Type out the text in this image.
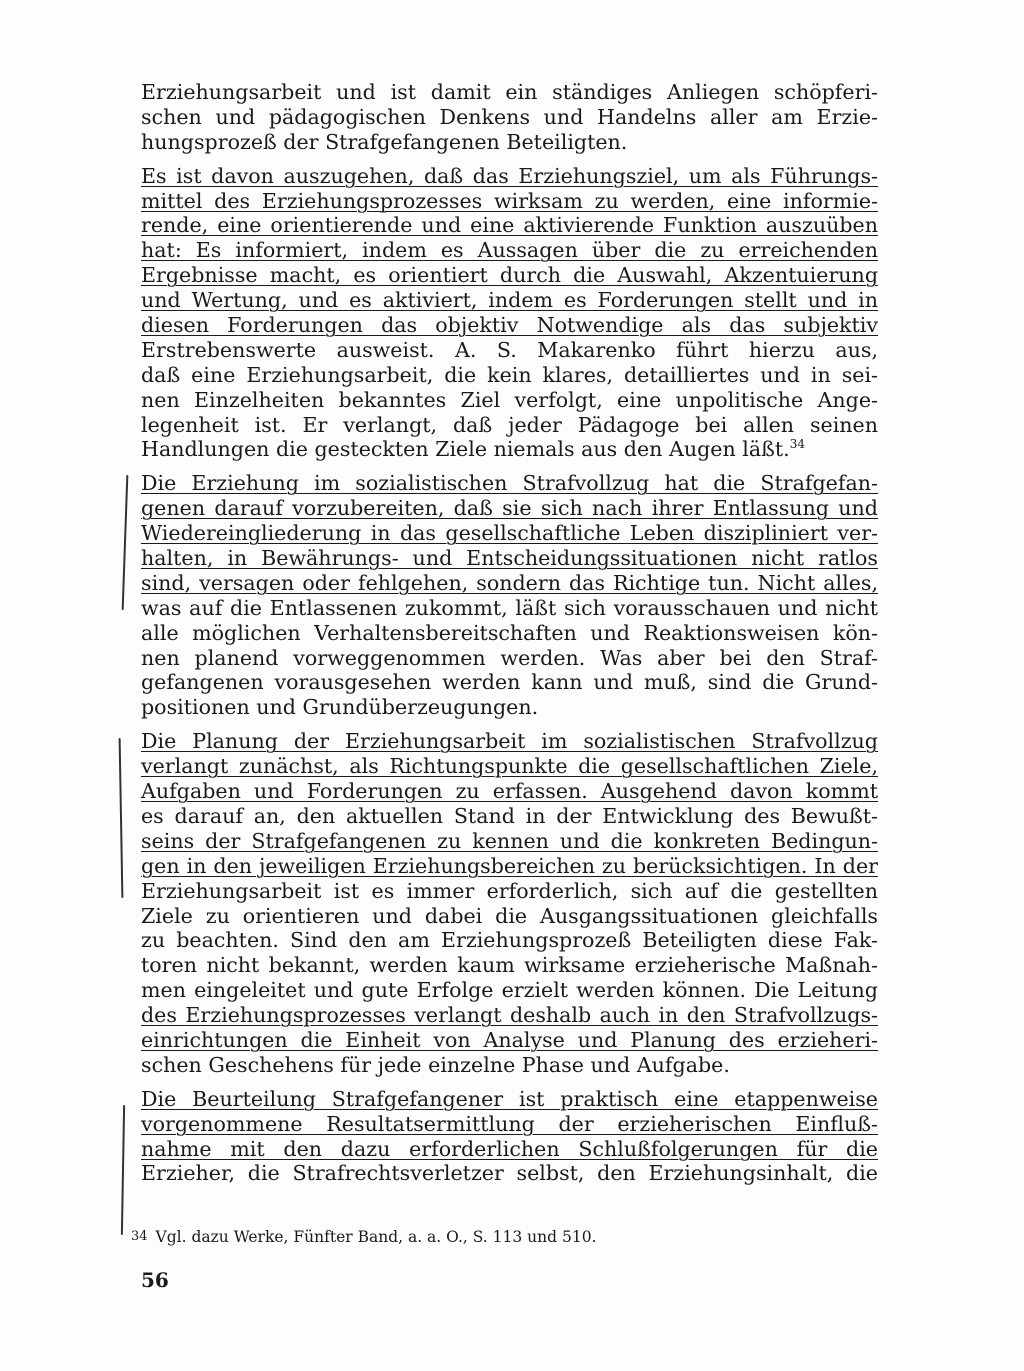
Erziehungsarbeit und ist damit ein ständiges Anliegen schöpferi-
schen und pädagogischen Denkens und Handelns aller am Erzie-
hungsprozeß der Strafgefangenen Beteiligten.
Es ist davon auszugehen, daß das Erziehungsziel, um als Führungs-
mittel des Erziehungsprozesses wirksam zu werden, eine informie-
rende, eine orientierende und eine aktivierende Funktion auszuüben
hat: Es informiert, indem es Aussagen über die zu erreichenden
Ergebnisse macht, es orientiert durch die Auswahl, Akzentuierung
und Wertung, und es aktiviert, indem es Forderungen stellt und in
diesen Forderungen das objektiv Notwendige als das subjektiv
Erstrebenswerte ausweist. A. S. Makarenko führt hierzu aus,
daß eine Erziehungsarbeit, die kein klares, detailliertes und in sei-
nen Einzelheiten bekanntes Ziel verfolgt, eine unpolitische Ange-
legenheit ist. Er verlangt, daß jeder Pädagoge bei allen seinen
Handlungen die gesteckten Ziele niemals aus den Augen läßt.$^{34}$
Die Erziehung im sozialistischen Strafvollzug hat die Strafgefan-
genen darauf vorzubereiten, daß sie sich nach ihrer Entlassung und
Wiedereingliederung in das gesellschaftliche Leben diszipliniert ver-
halten, in Bewährungs- und Entscheidungssituationen nicht ratlos
sind, versagen oder fehlgehen, sondern das Richtige tun. Nicht alles,
was auf die Entlassenen zukommt, läßt sich vorausschauen und nicht
alle möglichen Verhaltensbereitschaften und Reaktionsweisen kön-
nen planend vorweggenommen werden. Was aber bei den Straf-
gefangenen vorausgesehen werden kann und muß, sind die Grund-
positionen und Grundüberzeugungen.
Die Planung der Erziehungsarbeit im sozialistischen Strafvollzug
verlangt zunächst, als Richtungspunkte die gesellschaftlichen Ziele,
Aufgaben und Forderungen zu erfassen. Ausgehend davon kommt
es darauf an, den aktuellen Stand in der Entwicklung des Bewußt-
seins der Strafgefangenen zu kennen und die konkreten Bedingun-
gen in den jeweiligen Erziehungsbereichen zu berücksichtigen. In der
Erziehungsarbeit ist es immer erforderlich, sich auf die gestellten
Ziele zu orientieren und dabei die Ausgangssituationen gleichfalls
zu beachten. Sind den am Erziehungsprozeß Beteiligten diese Fak-
toren nicht bekannt, werden kaum wirksame erzieherische Maßnah-
men eingeleitet und gute Erfolge erzielt werden können. Die Leitung
des Erziehungsprozesses verlangt deshalb auch in den Strafvollzugs-
einrichtungen die Einheit von Analyse und Planung des erzieheri-
schen Geschehens für jede einzelne Phase und Aufgabe.
Die Beurteilung Strafgefangener ist praktisch eine etappenweise
vorgenommene Resultatsermittlung der erzieherischen Einfluß-
nahme mit den dazu erforderlichen Schlußfolgerungen für die
Erzieher, die Strafrechtsverletzer selbst, den Erziehungsinhalt, die
$^{34}$ Vgl. dazu Werke, Fünfter Band, a. a. O., S. 113 und 510.
56
